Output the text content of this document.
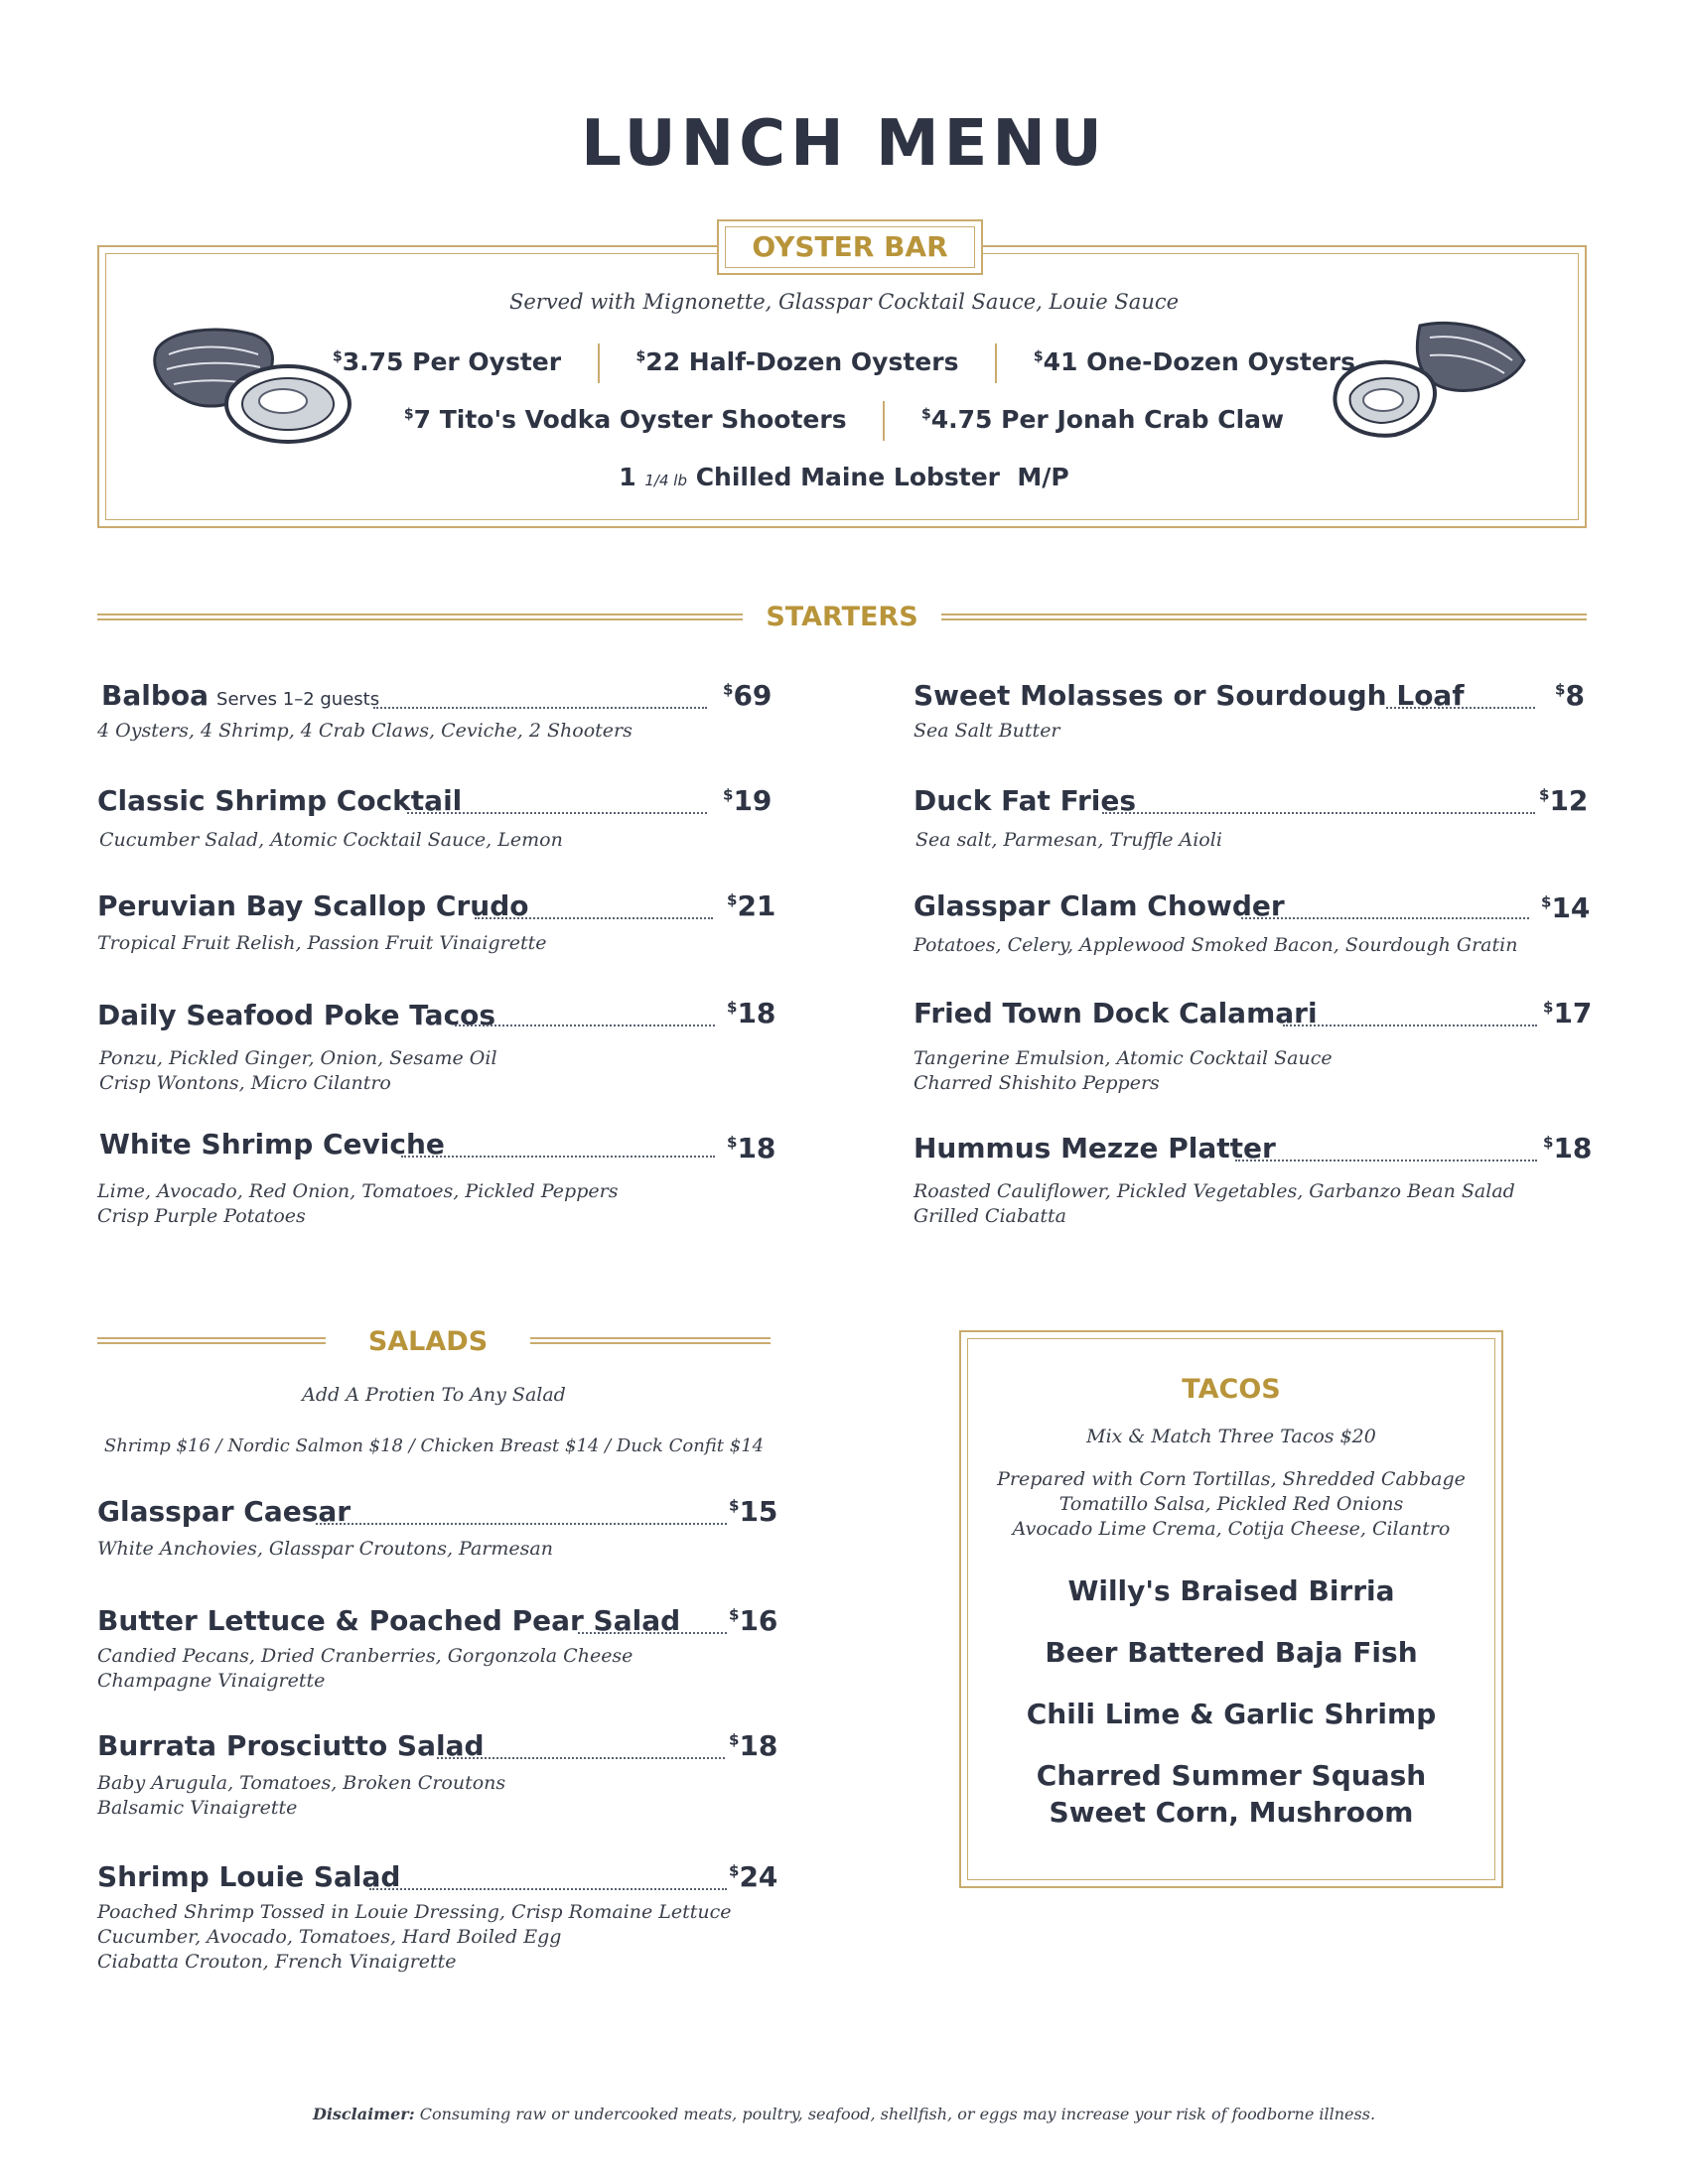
LUNCH MENU
OYSTER BAR
Served with Mignonette, Glasspar Cocktail Sauce, Louie Sauce
$3.75 Per Oyster	$22 Half-Dozen Oysters	$41 One-Dozen Oysters
$7 Tito's Vodka Oyster Shooters	$4.75 Per Jonah Crab Claw
1 1/4 lb Chilled Maine Lobster  M/P
STARTERS
Balboa Serves 1–2 guests	$69
4 Oysters, 4 Shrimp, 4 Crab Claws, Ceviche, 2 Shooters
Classic Shrimp Cocktail	$19
Cucumber Salad, Atomic Cocktail Sauce, Lemon
Peruvian Bay Scallop Crudo	$21
Tropical Fruit Relish, Passion Fruit Vinaigrette
Daily Seafood Poke Tacos	$18
Ponzu, Pickled Ginger, Onion, Sesame Oil
Crisp Wontons, Micro Cilantro
White Shrimp Ceviche	$18
Lime, Avocado, Red Onion, Tomatoes, Pickled Peppers
Crisp Purple Potatoes
Sweet Molasses or Sourdough Loaf	$8
Sea Salt Butter
Duck Fat Fries	$12
Sea salt, Parmesan, Truffle Aioli
Glasspar Clam Chowder	$14
Potatoes, Celery, Applewood Smoked Bacon, Sourdough Gratin
Fried Town Dock Calamari	$17
Tangerine Emulsion, Atomic Cocktail Sauce
Charred Shishito Peppers
Hummus Mezze Platter	$18
Roasted Cauliflower, Pickled Vegetables, Garbanzo Bean Salad
Grilled Ciabatta
SALADS
Add A Protien To Any Salad
Shrimp $16 / Nordic Salmon $18 / Chicken Breast $14 / Duck Confit $14
Glasspar Caesar	$15
White Anchovies, Glasspar Croutons, Parmesan
Butter Lettuce & Poached Pear Salad	$16
Candied Pecans, Dried Cranberries, Gorgonzola Cheese
Champagne Vinaigrette
Burrata Prosciutto Salad	$18
Baby Arugula, Tomatoes, Broken Croutons
Balsamic Vinaigrette
Shrimp Louie Salad	$24
Poached Shrimp Tossed in Louie Dressing, Crisp Romaine Lettuce
Cucumber, Avocado, Tomatoes, Hard Boiled Egg
Ciabatta Crouton, French Vinaigrette
TACOS
Mix & Match Three Tacos $20
Prepared with Corn Tortillas, Shredded Cabbage
Tomatillo Salsa, Pickled Red Onions
Avocado Lime Crema, Cotija Cheese, Cilantro
Willy's Braised Birria
Beer Battered Baja Fish
Chili Lime & Garlic Shrimp
Charred Summer Squash
Sweet Corn, Mushroom
Disclaimer: Consuming raw or undercooked meats, poultry, seafood, shellfish, or eggs may increase your risk of foodborne illness.
